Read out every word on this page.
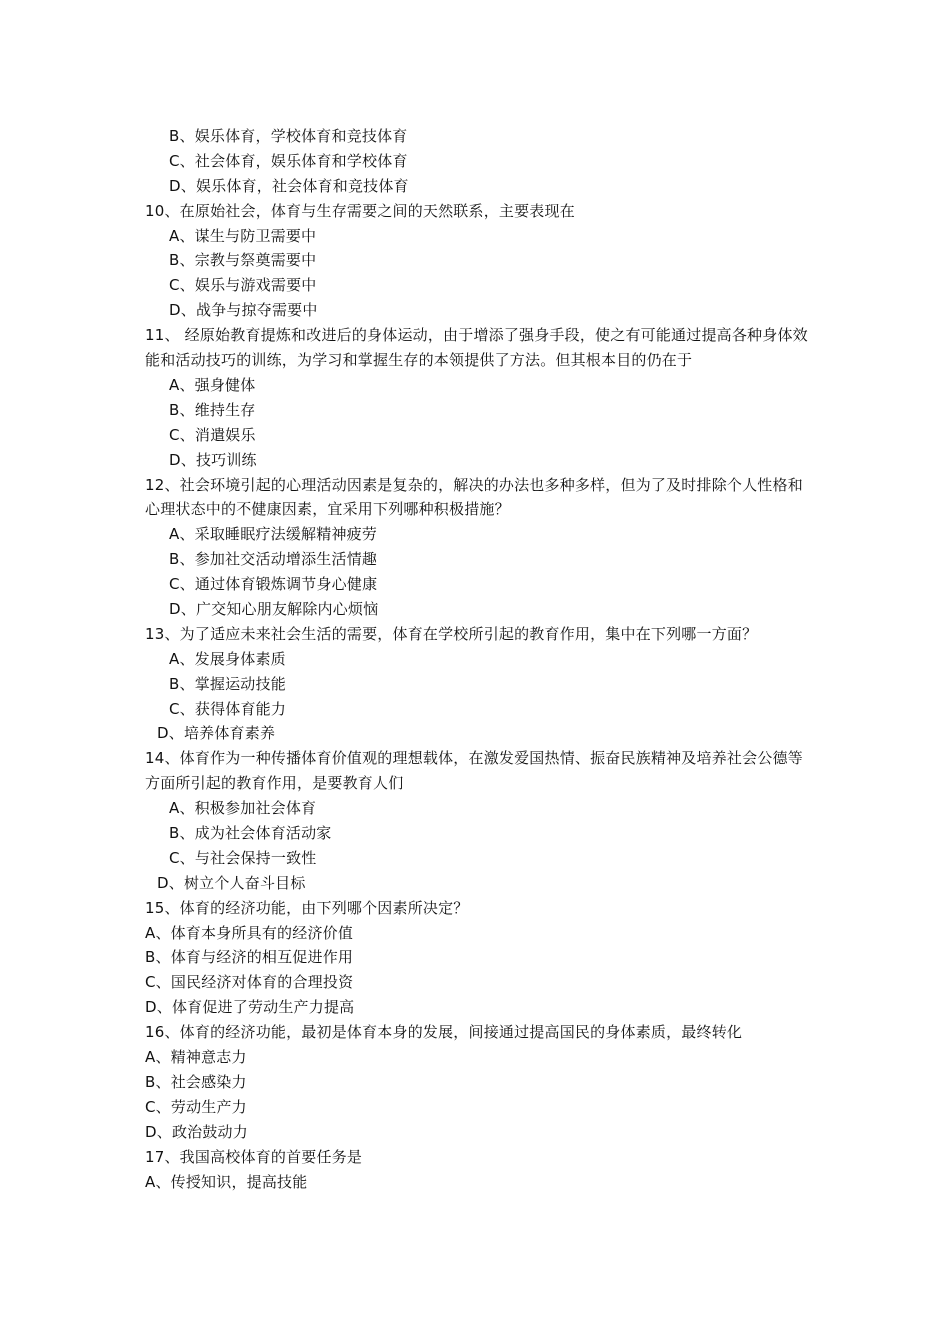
B、娱乐体育，学校体育和竞技体育
C、社会体育，娱乐体育和学校体育
D、娱乐体育，社会体育和竞技体育
10、在原始社会，体育与生存需要之间的天然联系，主要表现在
A、谋生与防卫需要中
B、宗教与祭奠需要中
C、娱乐与游戏需要中
D、战争与掠夺需要中
11、 经原始教育提炼和改进后的身体运动，由于增添了强身手段，使之有可能通过提高各种身体效能和活动技巧的训练，为学习和掌握生存的本领提供了方法。但其根本目的仍在于
A、强身健体
B、维持生存
C、消遣娱乐
D、技巧训练
12、社会环境引起的心理活动因素是复杂的，解决的办法也多种多样，但为了及时排除个人性格和心理状态中的不健康因素，宜采用下列哪种积极措施？
A、采取睡眠疗法缓解精神疲劳
B、参加社交活动增添生活情趣
C、通过体育锻炼调节身心健康
D、广交知心朋友解除内心烦恼
13、为了适应未来社会生活的需要，体育在学校所引起的教育作用，集中在下列哪一方面？
A、发展身体素质
B、掌握运动技能
C、获得体育能力
D、培养体育素养
14、体育作为一种传播体育价值观的理想载体，在激发爱国热情、振奋民族精神及培养社会公德等方面所引起的教育作用，是要教育人们
A、积极参加社会体育
B、成为社会体育活动家
C、与社会保持一致性
D、树立个人奋斗目标
15、体育的经济功能，由下列哪个因素所决定？
A、体育本身所具有的经济价值
B、体育与经济的相互促进作用
C、国民经济对体育的合理投资
D、体育促进了劳动生产力提高
16、体育的经济功能，最初是体育本身的发展，间接通过提高国民的身体素质，最终转化
A、精神意志力
B、社会感染力
C、劳动生产力
D、政治鼓动力
17、我国高校体育的首要任务是
A、传授知识，提高技能
